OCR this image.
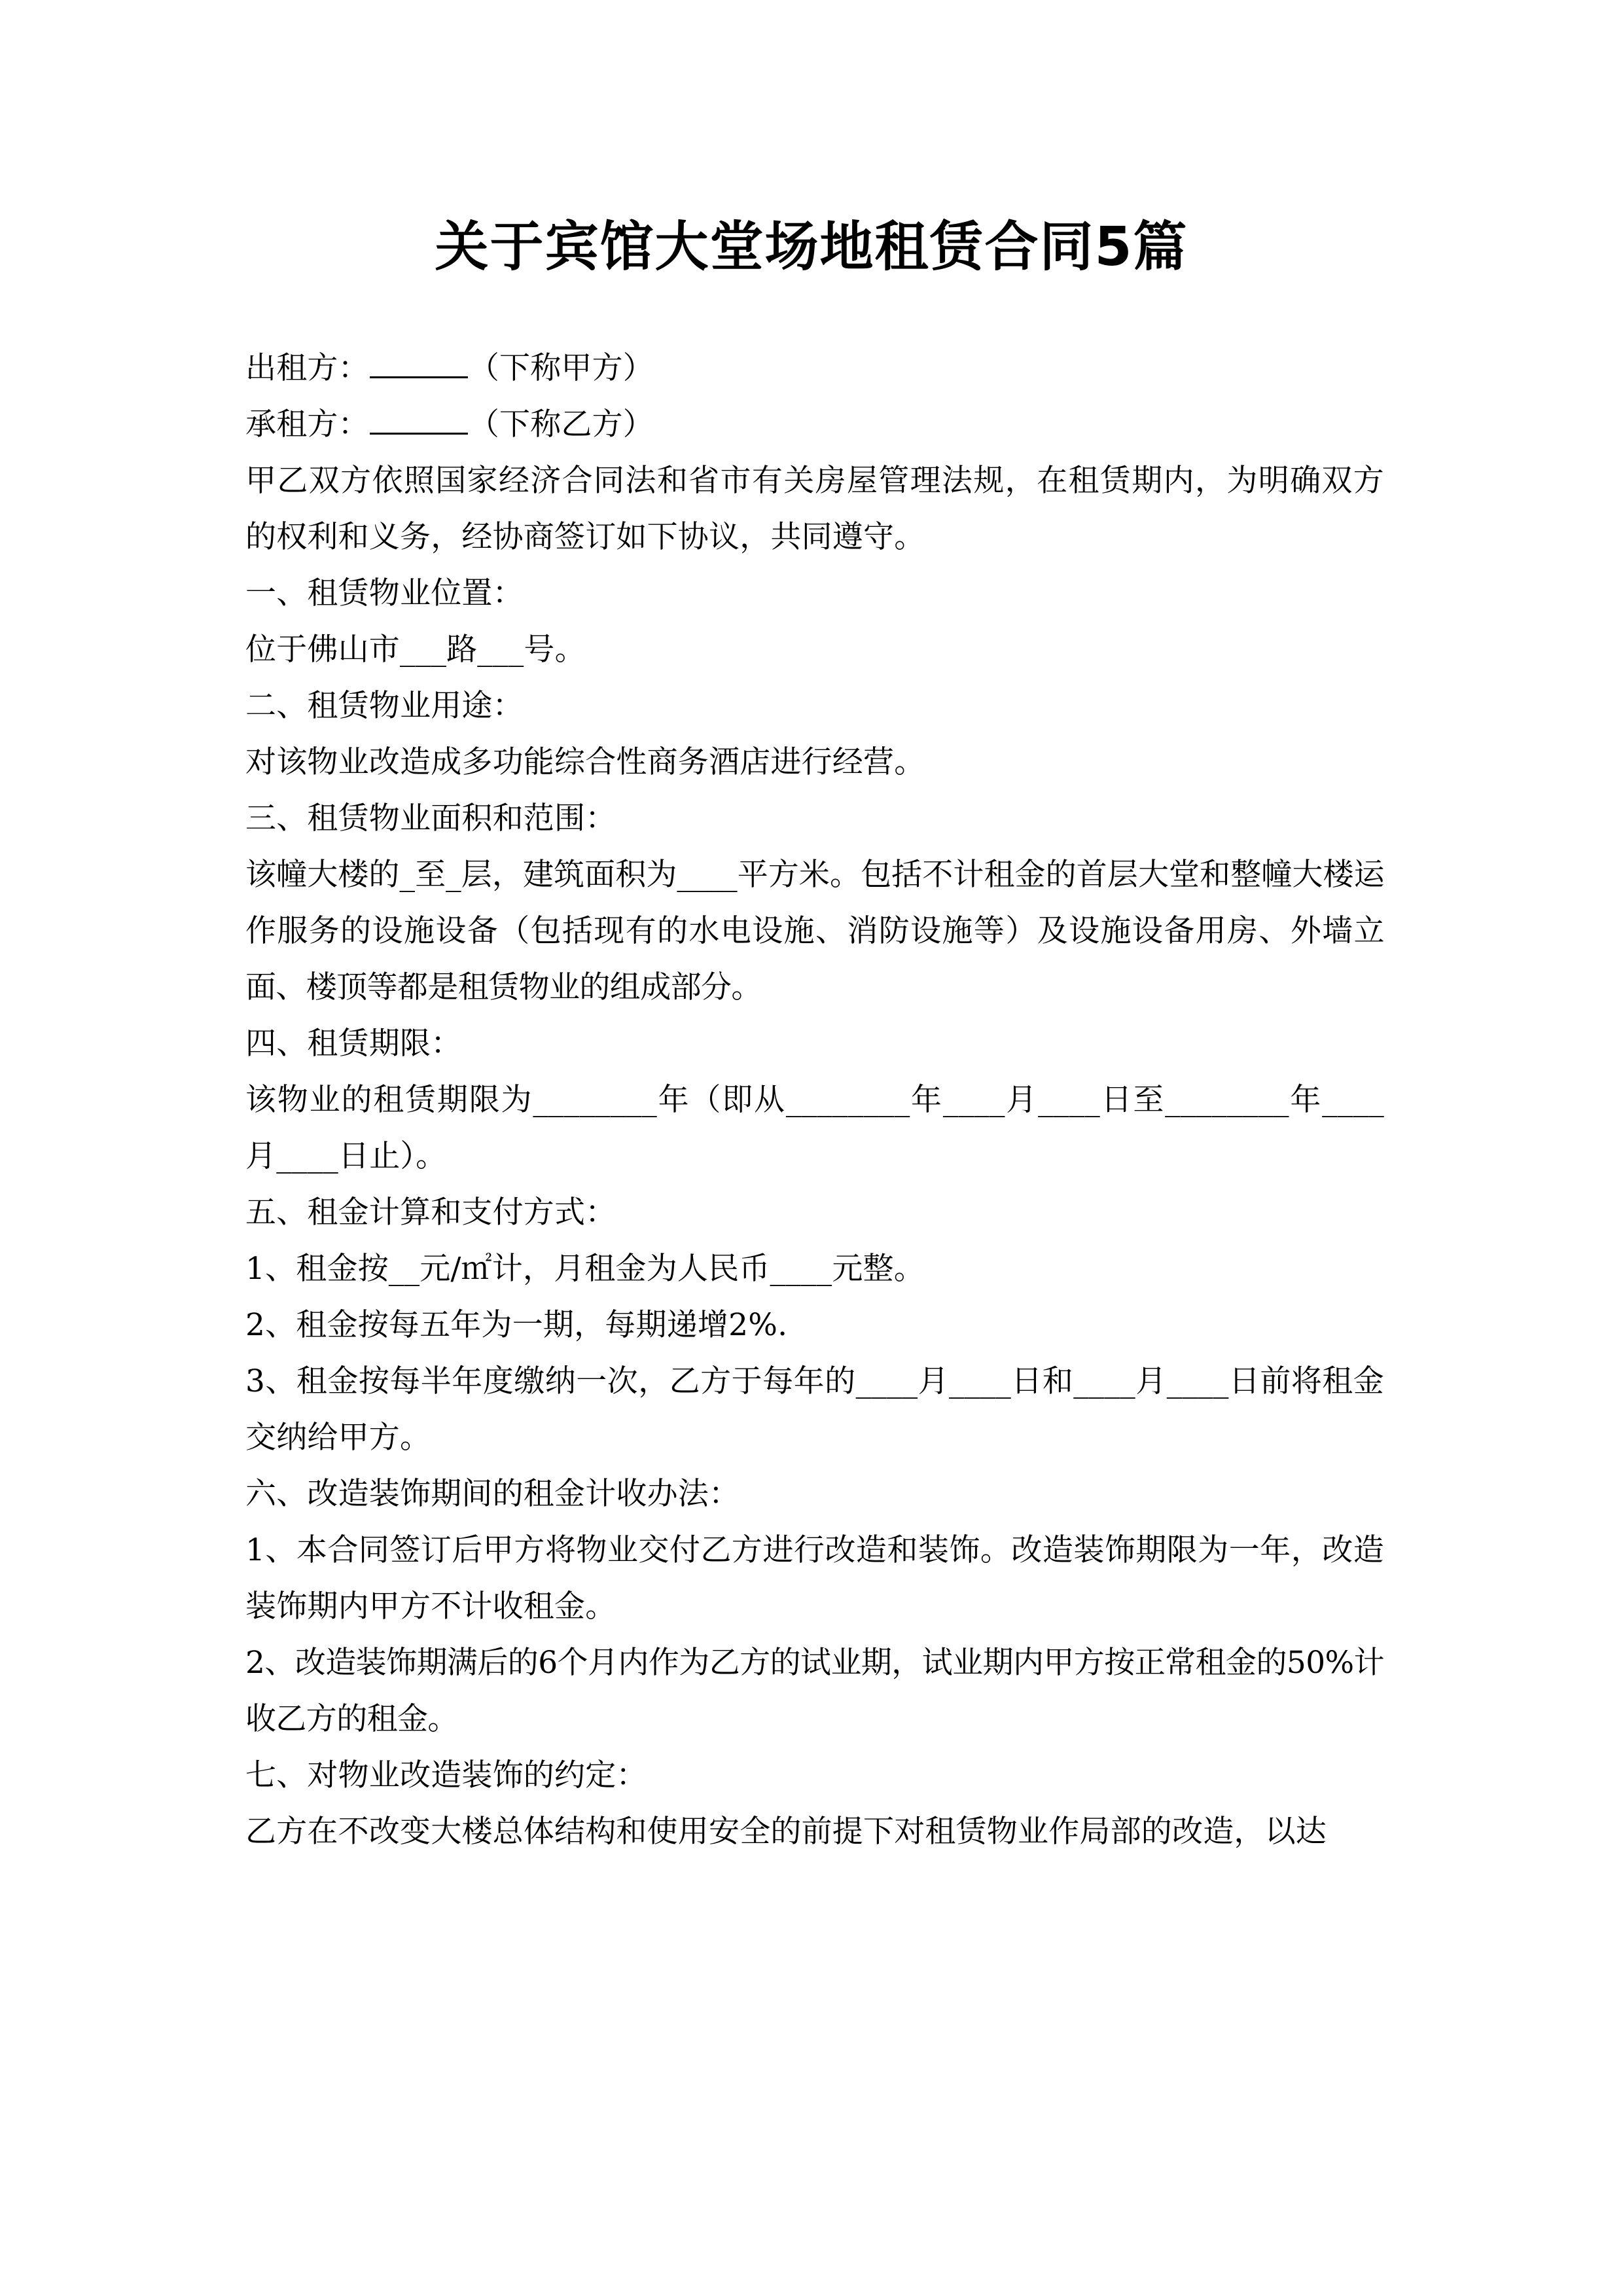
关于宾馆大堂场地租赁合同5篇

出租方：	（下称甲方）

承租方：	（下称乙方）

甲乙双方依照国家经济合同法和省市有关房屋管理法规，在租赁期内，为明确双方的权利和义务，经协商签订如下协议，共同遵守。

一、租赁物业位置：

位于佛山市___路___号。

二、租赁物业用途：

对该物业改造成多功能综合性商务酒店进行经营。

三、租赁物业面积和范围：

该幢大楼的_至_层，建筑面积为____平方米。包括不计租金的首层大堂和整幢大楼运作服务的设施设备（包括现有的水电设施、消防设施等）及设施设备用房、外墙立面、楼顶等都是租赁物业的组成部分。

四、租赁期限：

该物业的租赁期限为________年（即从________年____月____日至________年____月____日止）。

五、租金计算和支付方式：

1、租金按__元/㎡计，月租金为人民币____元整。

2、租金按每五年为一期，每期递增2%.

3、租金按每半年度缴纳一次，乙方于每年的____月____日和____月____日前将租金交纳给甲方。

六、改造装饰期间的租金计收办法：

1、本合同签订后甲方将物业交付乙方进行改造和装饰。改造装饰期限为一年，改造装饰期内甲方不计收租金。

2、改造装饰期满后的6个月内作为乙方的试业期，试业期内甲方按正常租金的50%计收乙方的租金。

七、对物业改造装饰的约定：

乙方在不改变大楼总体结构和使用安全的前提下对租赁物业作局部的改造，以达
